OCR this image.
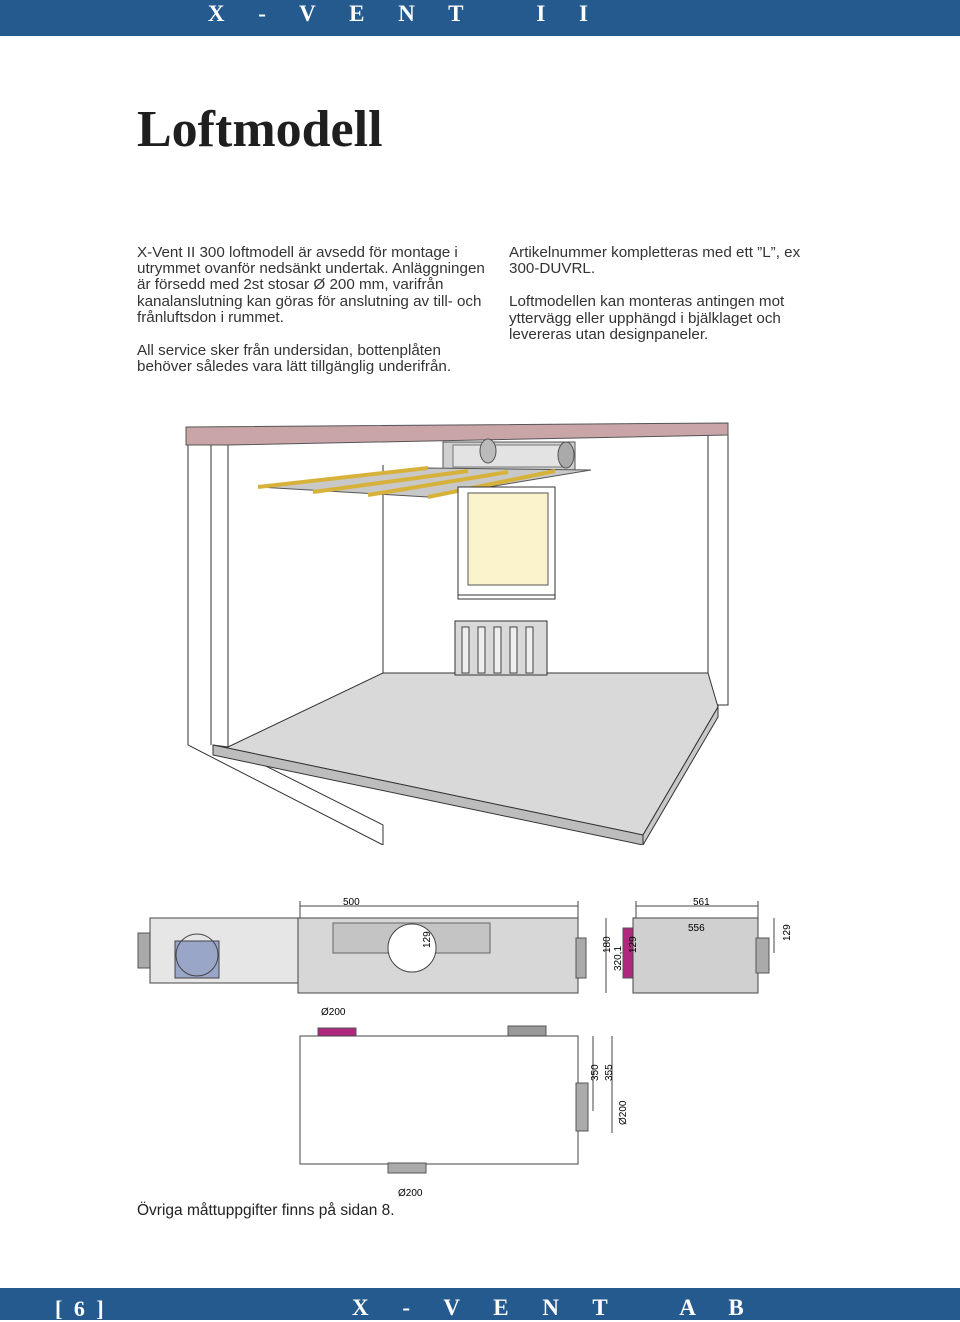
X - V E N T   I I
Loftmodell

X-Vent II 300 loftmodell är avsedd för montage i utrymmet ovanför nedsänkt undertak. Anläggningen är försedd med 2st stosar Ø 200 mm, varifrån kanalanslutning kan göras för anslutning av till- och frånluftsdon i rummet.

All service sker från undersidan, bottenplåten behöver således vara lätt tillgänglig underifrån.

Artikelnummer kompletteras med ett ”L”, ex 300-DUVRL.

Loftmodellen kan monteras antingen mot yttervägg eller upphängd i bjälklaget och levereras utan designpaneler.

500	561
556
129	180
320,1
129
129
Ø200
350 355
Ø200
Ø200
Övriga måttuppgifter finns på sidan 8.
[ 6 ]	X - V E N T   A B
